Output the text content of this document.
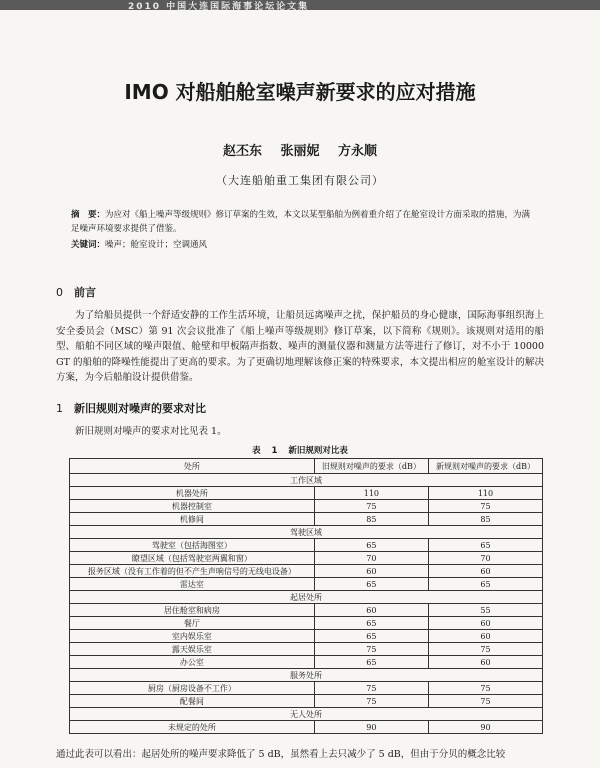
2010 中国大连国际海事论坛论文集
IMO 对船舶舱室噪声新要求的应对措施
赵丕东 张丽妮 方永顺
（大连船舶重工集团有限公司）
摘　要：为应对《船上噪声等级规则》修订草案的生效，本文以某型船舶为例着重介绍了在舱室设计方面采取的措施，为满足噪声环境要求提供了借鉴。
关键词：噪声；舱室设计；空调通风
0 前言
为了给船员提供一个舒适安静的工作生活环境，让船员远离噪声之扰，保护船员的身心健康，国际海事组织海上安全委员会（MSC）第 91 次会议批准了《船上噪声等级规则》修订草案，以下简称《规则》。该规则对适用的船型、船舶不同区域的噪声限值、舱壁和甲板隔声指数、噪声的测量仪器和测量方法等进行了修订，对不小于 10000 GT 的船舶的降噪性能提出了更高的要求。为了更确切地理解该修正案的特殊要求，本文提出相应的舱室设计的解决方案，为今后船舶设计提供借鉴。
1 新旧规则对噪声的要求对比
新旧规则对噪声的要求对比见表 1。
表 1 新旧规则对比表
处所	旧规则对噪声的要求（dB）	新规则对噪声的要求（dB）
工作区域		
机器处所	110	110
机器控制室	75	75
机修间	85	85
驾驶区域		
驾驶室（包括海图室）	65	65
瞭望区域（包括驾驶室两翼和窗）	70	70
报务区域（没有工作着的但不产生声响信号的无线电设备）	60	60
雷达室	65	65
起居处所		
居住舱室和病房	60	55
餐厅	65	60
室内娱乐室	65	60
露天娱乐室	75	75
办公室	65	60
服务处所		
厨房（厨房设备不工作）	75	75
配餐间	75	75
无人处所		
未规定的处所	90	90
通过此表可以看出：起居处所的噪声要求降低了 5 dB，虽然看上去只减少了 5 dB，但由于分贝的概念比较
